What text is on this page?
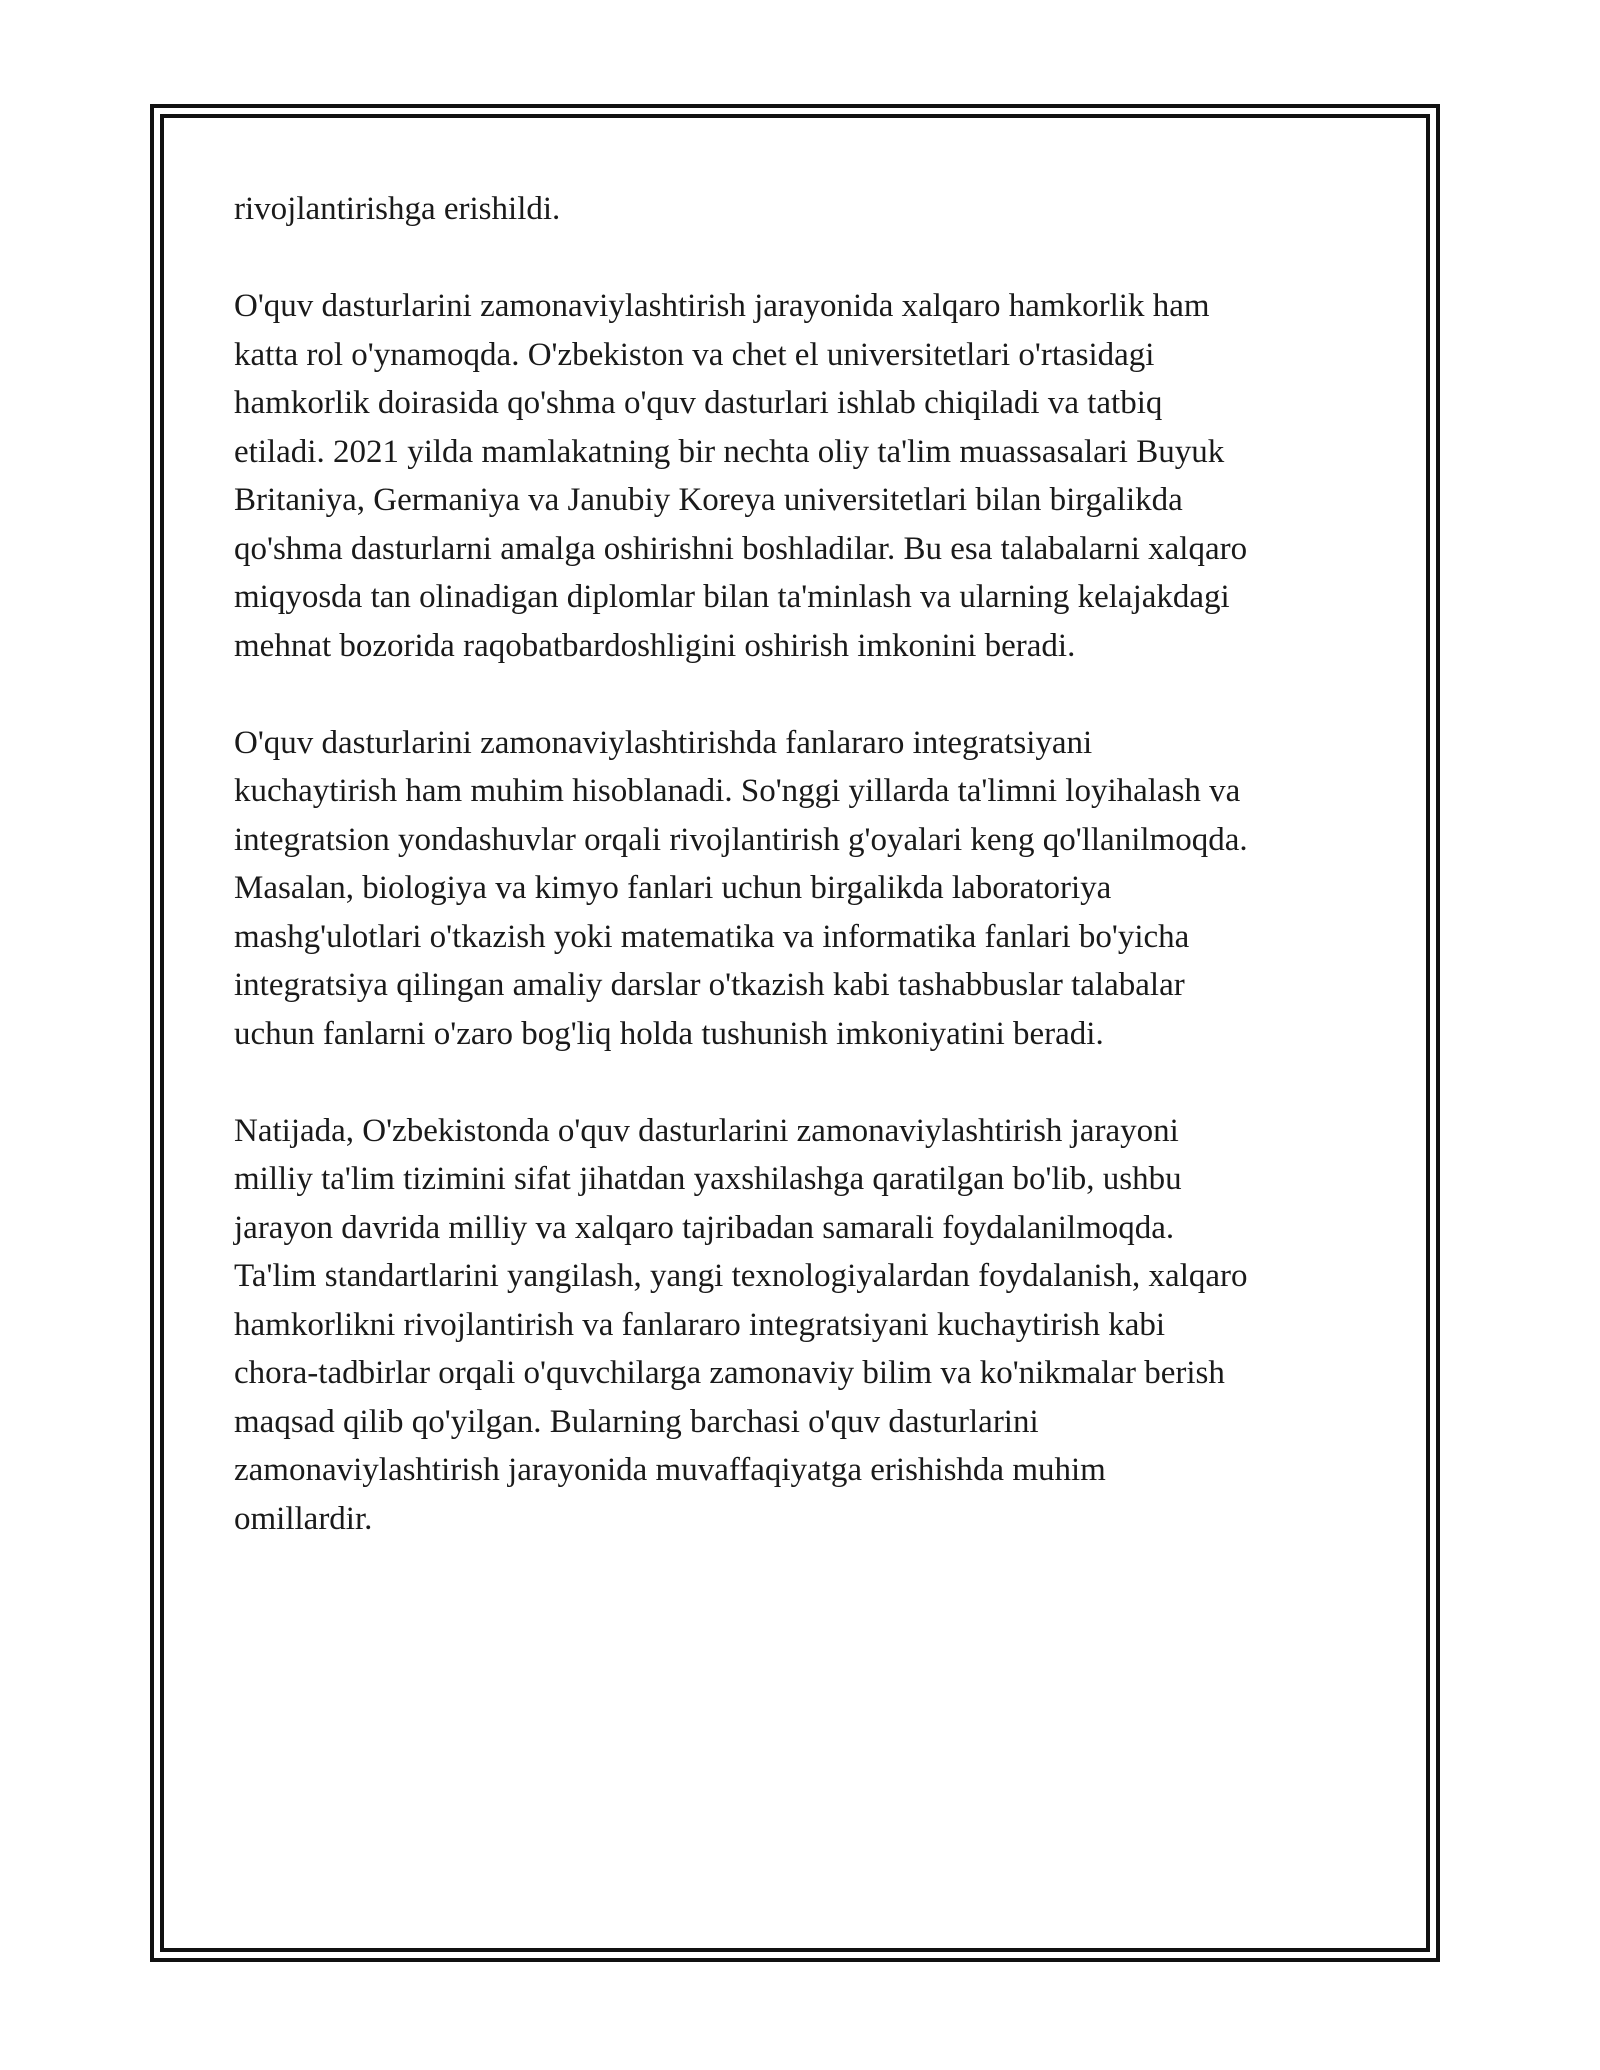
rivojlantirishga erishildi.

O'quv dasturlarini zamonaviylashtirish jarayonida xalqaro hamkorlik ham
katta rol o'ynamoqda. O'zbekiston va chet el universitetlari o'rtasidagi
hamkorlik doirasida qo'shma o'quv dasturlari ishlab chiqiladi va tatbiq
etiladi. 2021 yilda mamlakatning bir nechta oliy ta'lim muassasalari Buyuk
Britaniya, Germaniya va Janubiy Koreya universitetlari bilan birgalikda
qo'shma dasturlarni amalga oshirishni boshladilar. Bu esa talabalarni xalqaro
miqyosda tan olinadigan diplomlar bilan ta'minlash va ularning kelajakdagi
mehnat bozorida raqobatbardoshligini oshirish imkonini beradi.

O'quv dasturlarini zamonaviylashtirishda fanlararo integratsiyani
kuchaytirish ham muhim hisoblanadi. So'nggi yillarda ta'limni loyihalash va
integratsion yondashuvlar orqali rivojlantirish g'oyalari keng qo'llanilmoqda.
Masalan, biologiya va kimyo fanlari uchun birgalikda laboratoriya
mashg'ulotlari o'tkazish yoki matematika va informatika fanlari bo'yicha
integratsiya qilingan amaliy darslar o'tkazish kabi tashabbuslar talabalar
uchun fanlarni o'zaro bog'liq holda tushunish imkoniyatini beradi.

Natijada, O'zbekistonda o'quv dasturlarini zamonaviylashtirish jarayoni
milliy ta'lim tizimini sifat jihatdan yaxshilashga qaratilgan bo'lib, ushbu
jarayon davrida milliy va xalqaro tajribadan samarali foydalanilmoqda.
Ta'lim standartlarini yangilash, yangi texnologiyalardan foydalanish, xalqaro
hamkorlikni rivojlantirish va fanlararo integratsiyani kuchaytirish kabi
chora-tadbirlar orqali o'quvchilarga zamonaviy bilim va ko'nikmalar berish
maqsad qilib qo'yilgan. Bularning barchasi o'quv dasturlarini
zamonaviylashtirish jarayonida muvaffaqiyatga erishishda muhim
omillardir.
